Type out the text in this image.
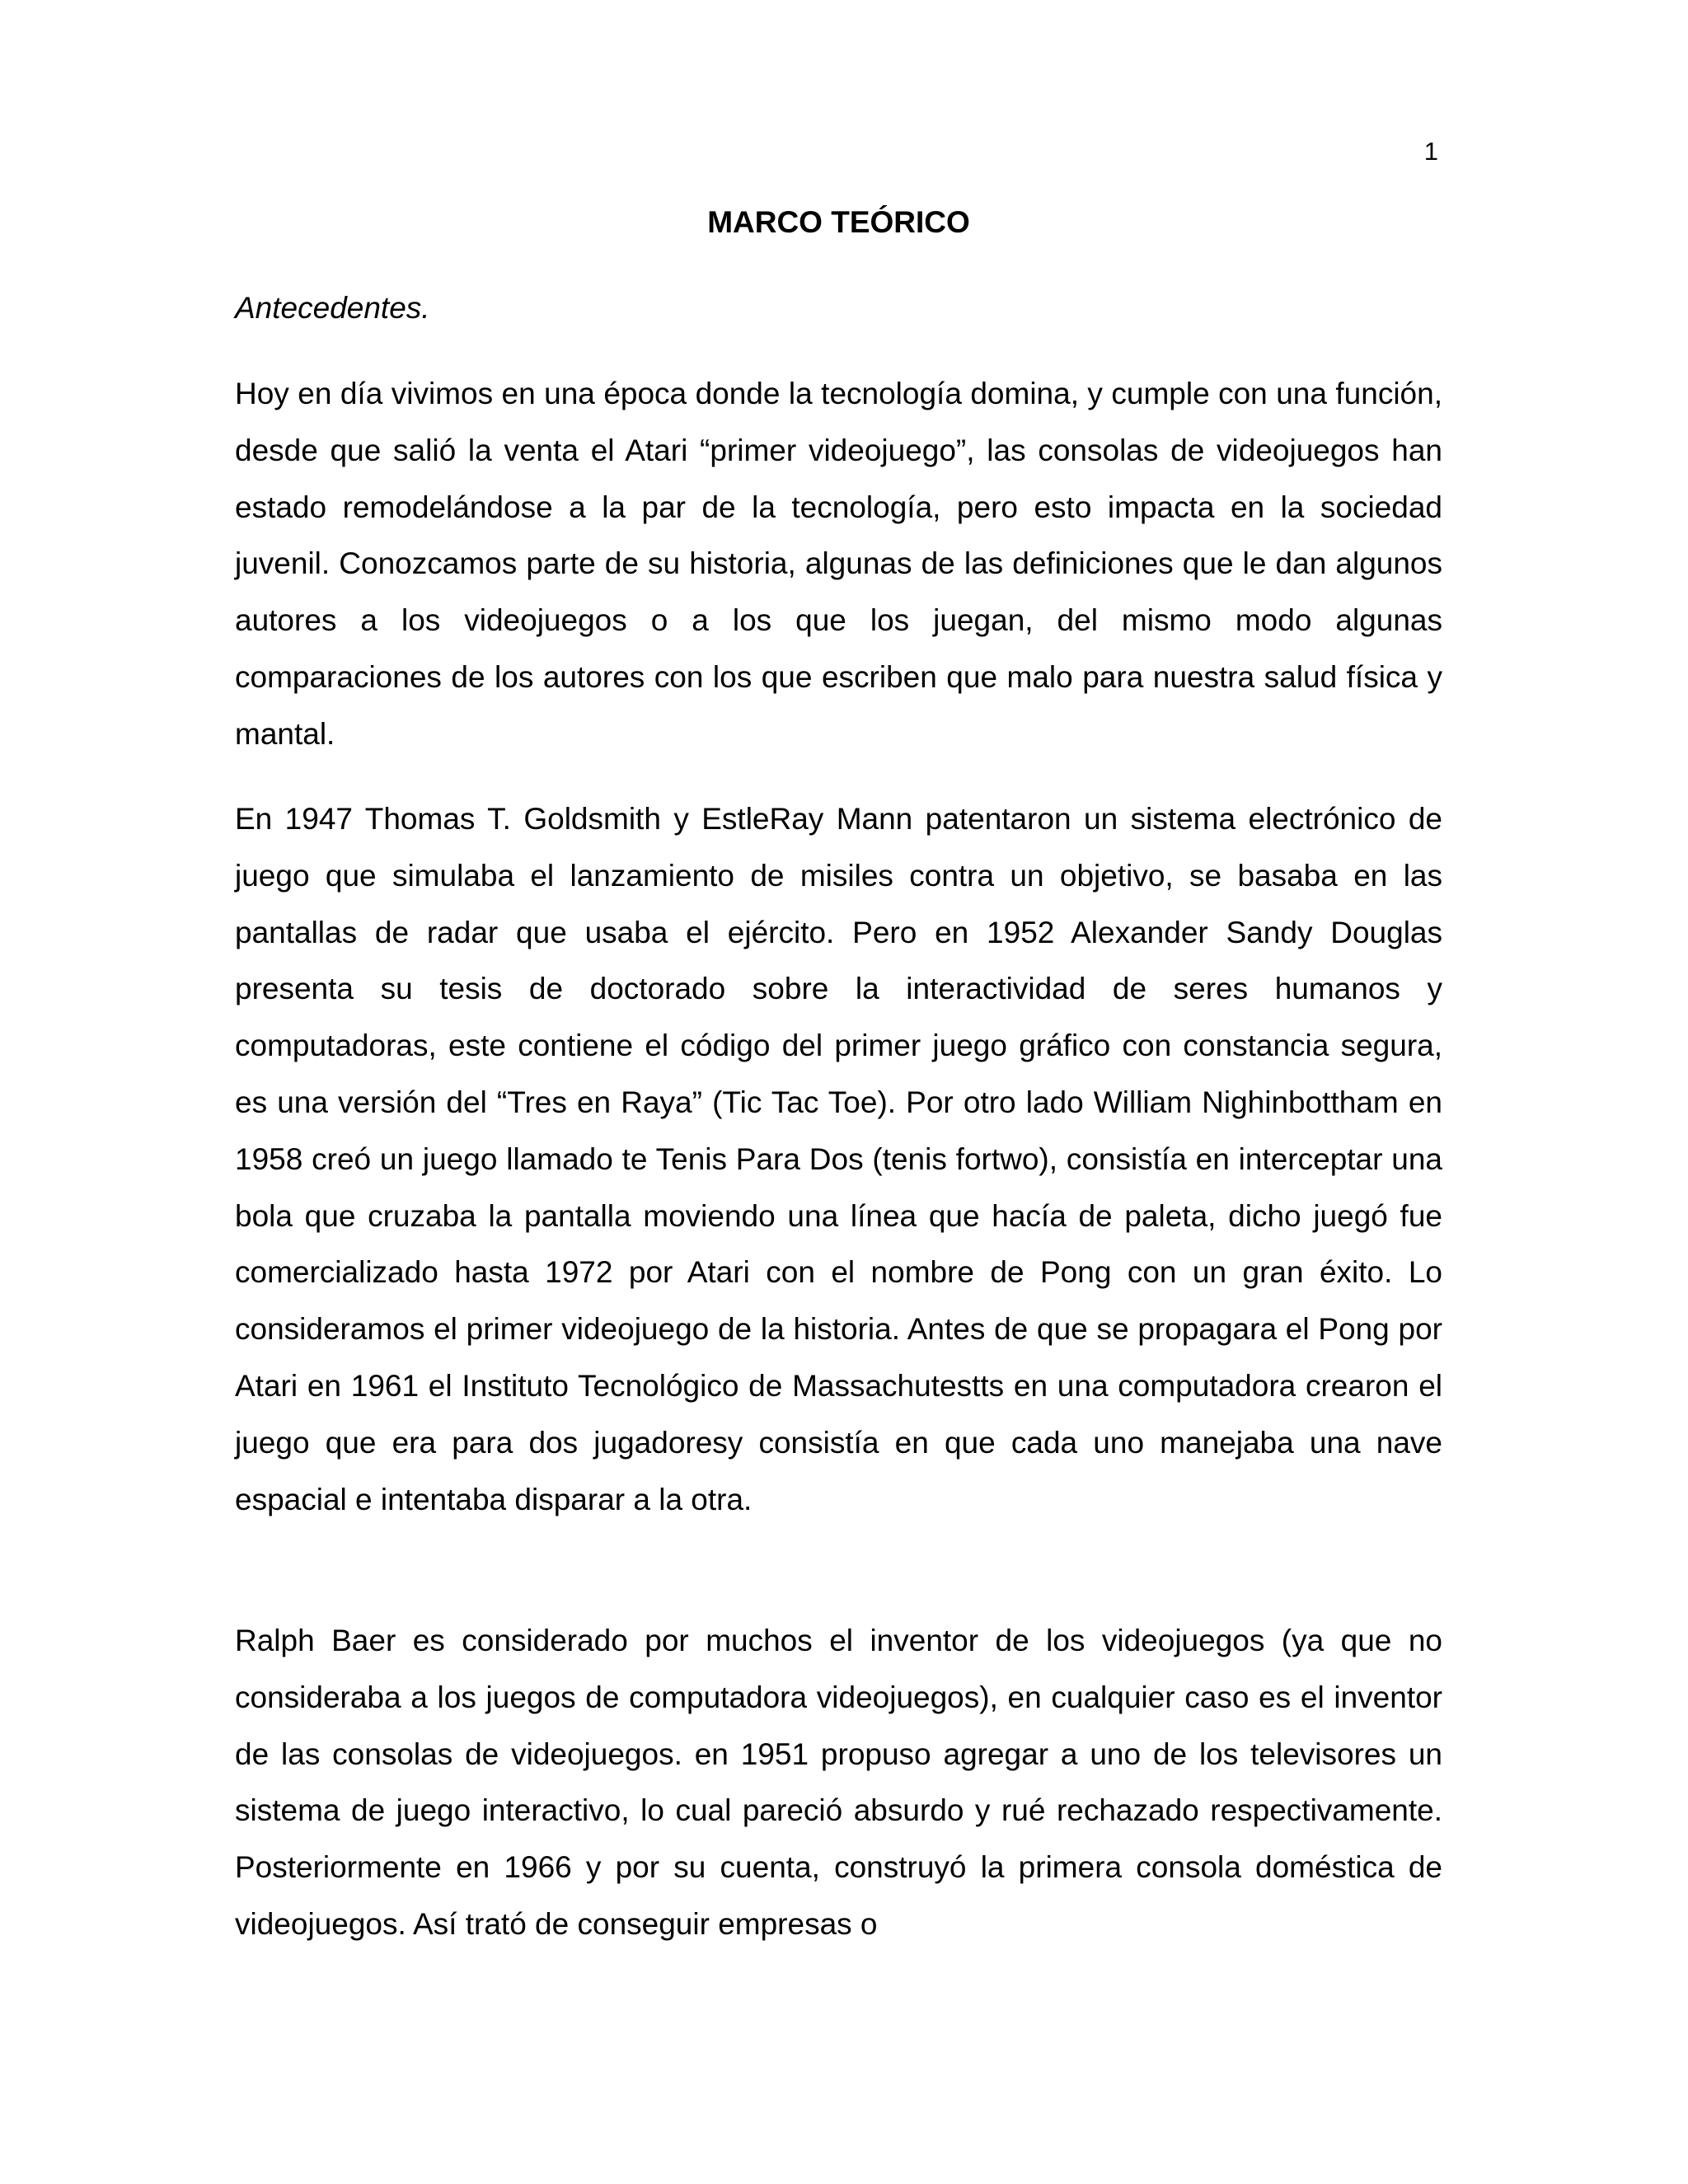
1
MARCO TEÓRICO

Antecedentes.

Hoy en día vivimos en una época donde la tecnología domina, y cumple con una función, desde que salió la venta el Atari “primer videojuego”, las consolas de videojuegos han estado remodelándose a la par de la tecnología, pero esto impacta en la sociedad juvenil. Conozcamos parte de su historia, algunas de las definiciones que le dan algunos autores a los videojuegos o a los que los juegan, del mismo modo algunas comparaciones de los autores con los que escriben que malo para nuestra salud física y mantal.

En 1947 Thomas T. Goldsmith y EstleRay Mann patentaron un sistema electrónico de juego que simulaba el lanzamiento de misiles contra un objetivo, se basaba en las pantallas de radar que usaba el ejército. Pero en 1952 Alexander Sandy Douglas presenta su tesis de doctorado sobre la interactividad de seres humanos y computadoras, este contiene el código del primer juego gráfico con constancia segura, es una versión del “Tres en Raya” (Tic Tac Toe). Por otro lado William Nighinbottham en 1958 creó un juego llamado te Tenis Para Dos (tenis fortwo), consistía en interceptar una bola que cruzaba la pantalla moviendo una línea que hacía de paleta, dicho juegó fue comercializado hasta 1972 por Atari con el nombre de Pong con un gran éxito. Lo consideramos el primer videojuego de la historia. Antes de que se propagara el Pong por Atari en 1961 el Instituto Tecnológico de Massachutestts en una computadora crearon el juego que era para dos jugadoresy consistía en que cada uno manejaba una nave espacial e intentaba disparar a la otra.

Ralph Baer es considerado por muchos el inventor de los videojuegos (ya que no consideraba a los juegos de computadora videojuegos), en cualquier caso es el inventor de las consolas de videojuegos. en 1951 propuso agregar a uno de los televisores un sistema de juego interactivo, lo cual pareció absurdo y rué rechazado respectivamente. Posteriormente en 1966 y por su cuenta, construyó la primera consola doméstica de videojuegos. Así trató de conseguir empresas o
